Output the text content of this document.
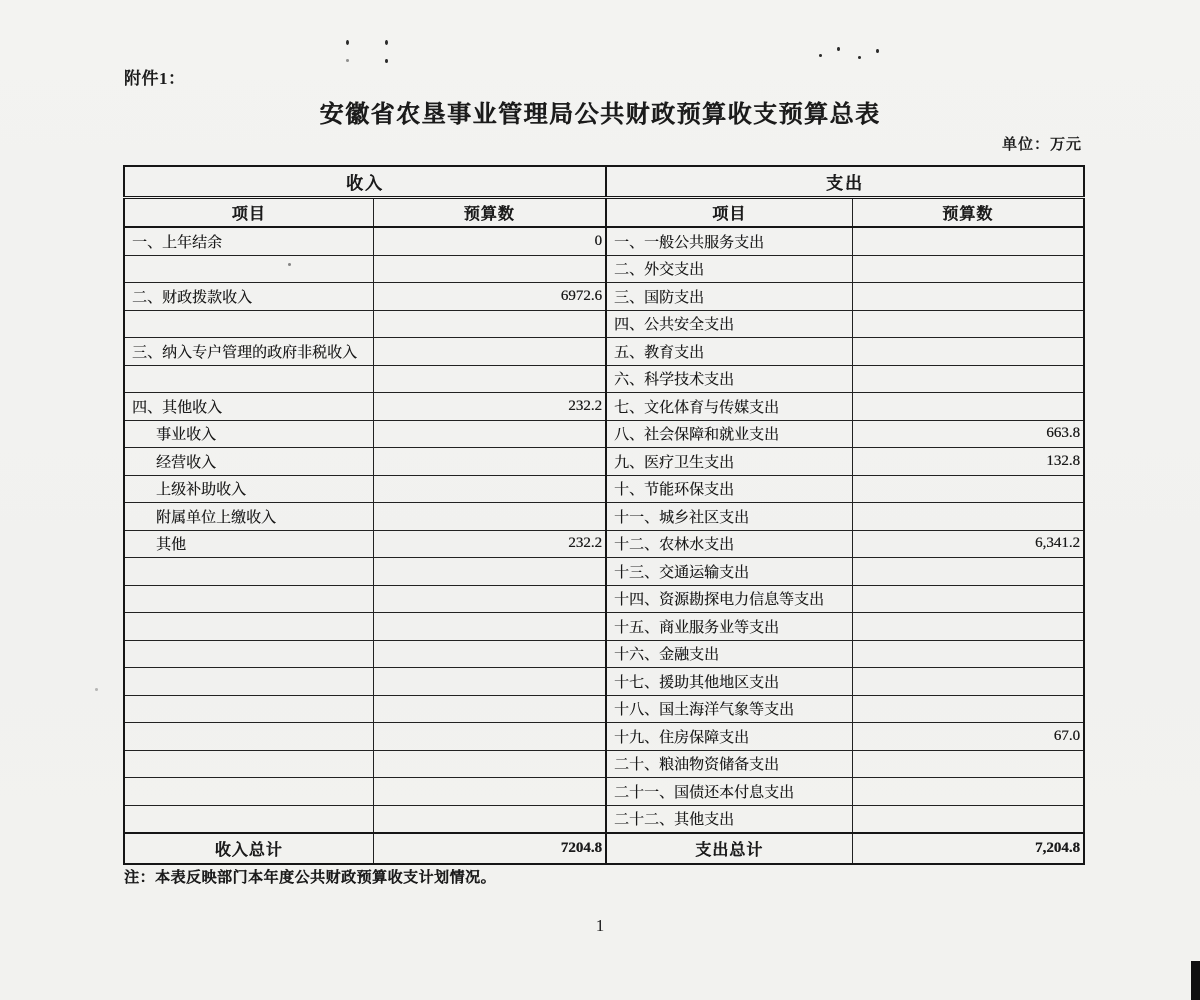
附件1：
安徽省农垦事业管理局公共财政预算收支预算总表
单位：万元
收入		支出	
项目	预算数	项目	预算数
一、上年结余	0	一、一般公共服务支出	
		二、外交支出	
二、财政拨款收入	6972.6	三、国防支出	
		四、公共安全支出	
三、纳入专户管理的政府非税收入		五、教育支出	
		六、科学技术支出	
四、其他收入	232.2	七、文化体育与传媒支出	
事业收入		八、社会保障和就业支出	663.8
经营收入		九、医疗卫生支出	132.8
上级补助收入		十、节能环保支出	
附属单位上缴收入		十一、城乡社区支出	
其他	232.2	十二、农林水支出	6,341.2
		十三、交通运输支出	
		十四、资源勘探电力信息等支出	
		十五、商业服务业等支出	
		十六、金融支出	
		十七、援助其他地区支出	
		十八、国土海洋气象等支出	
		十九、住房保障支出	67.0
		二十、粮油物资储备支出	
		二十一、国债还本付息支出	
		二十二、其他支出	
收入总计	7204.8	支出总计	7,204.8
注：本表反映部门本年度公共财政预算收支计划情况。
1
